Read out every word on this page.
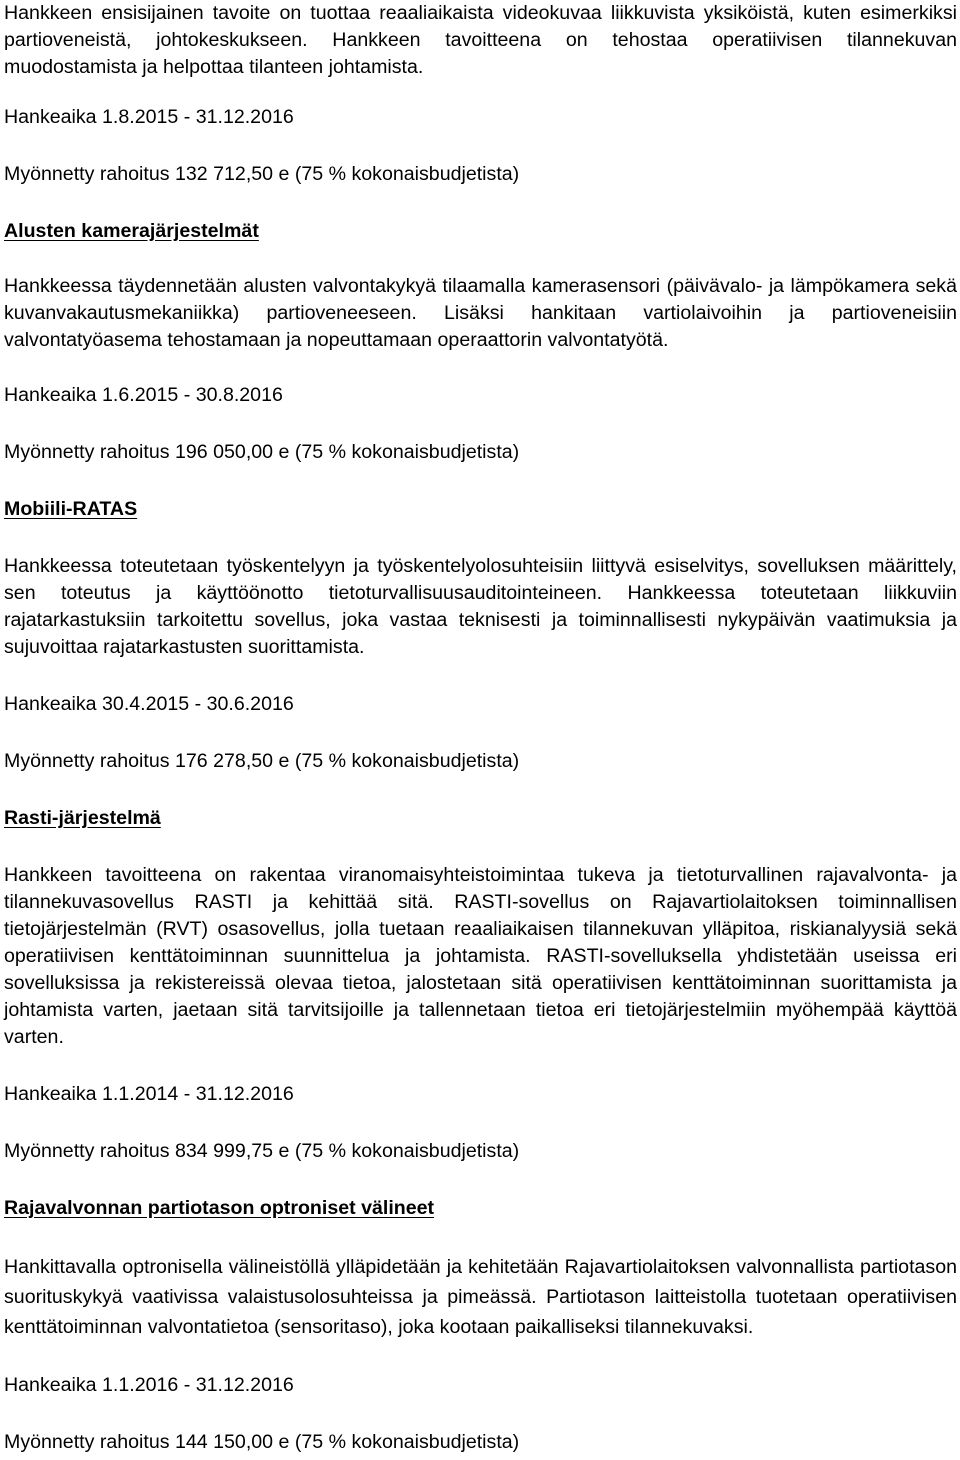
Hankkeen ensisijainen tavoite on tuottaa reaaliaikaista videokuvaa liikkuvista yksiköistä, kuten esimerkiksi partioveneistä, johtokeskukseen. Hankkeen tavoitteena on tehostaa operatiivisen tilannekuvan muodostamista ja helpottaa tilanteen johtamista.

Hankeaika 1.8.2015 - 31.12.2016

Myönnetty rahoitus 132 712,50 e (75 % kokonaisbudjetista)

Alusten kamerajärjestelmät

Hankkeessa täydennetään alusten valvontakykyä tilaamalla kamerasensori (päivävalo- ja lämpökamera sekä kuvanvakautusmekaniikka) partioveneeseen. Lisäksi hankitaan vartiolaivoihin ja partioveneisiin valvontatyöasema tehostamaan ja nopeuttamaan operaattorin valvontatyötä.

Hankeaika 1.6.2015 - 30.8.2016

Myönnetty rahoitus 196 050,00 e (75 % kokonaisbudjetista)

Mobiili-RATAS

Hankkeessa toteutetaan työskentelyyn ja työskentelyolosuhteisiin liittyvä esiselvitys, sovelluksen määrittely, sen toteutus ja käyttöönotto tietoturvallisuusauditointeineen. Hankkeessa toteutetaan liikkuviin rajatarkastuksiin tarkoitettu sovellus, joka vastaa teknisesti ja toiminnallisesti nykypäivän vaatimuksia ja sujuvoittaa rajatarkastusten suorittamista.

Hankeaika 30.4.2015 - 30.6.2016

Myönnetty rahoitus 176 278,50 e (75 % kokonaisbudjetista)

Rasti-järjestelmä

Hankkeen tavoitteena on rakentaa viranomaisyhteistoimintaa tukeva ja tietoturvallinen rajavalvonta- ja tilannekuvasovellus RASTI ja kehittää sitä. RASTI-sovellus on Rajavartiolaitoksen toiminnallisen tietojärjestelmän (RVT) osasovellus, jolla tuetaan reaaliaikaisen tilannekuvan ylläpitoa, riskianalyysiä sekä operatiivisen kenttätoiminnan suunnittelua ja johtamista. RASTI-sovelluksella yhdistetään useissa eri sovelluksissa ja rekistereissä olevaa tietoa, jalostetaan sitä operatiivisen kenttätoiminnan suorittamista ja johtamista varten, jaetaan sitä tarvitsijoille ja tallennetaan tietoa eri tietojärjestelmiin myöhempää käyttöä varten.

Hankeaika 1.1.2014 - 31.12.2016

Myönnetty rahoitus 834 999,75 e (75 % kokonaisbudjetista)

Rajavalvonnan partiotason optroniset välineet

Hankittavalla optronisella välineistöllä ylläpidetään ja kehitetään Rajavartiolaitoksen valvonnallista partiotason suorituskykyä vaativissa valaistusolosuhteissa ja pimeässä. Partiotason laitteistolla tuotetaan operatiivisen kenttätoiminnan valvontatietoa (sensoritaso), joka kootaan paikalliseksi tilannekuvaksi.

Hankeaika 1.1.2016 - 31.12.2016

Myönnetty rahoitus 144 150,00 e (75 % kokonaisbudjetista)
